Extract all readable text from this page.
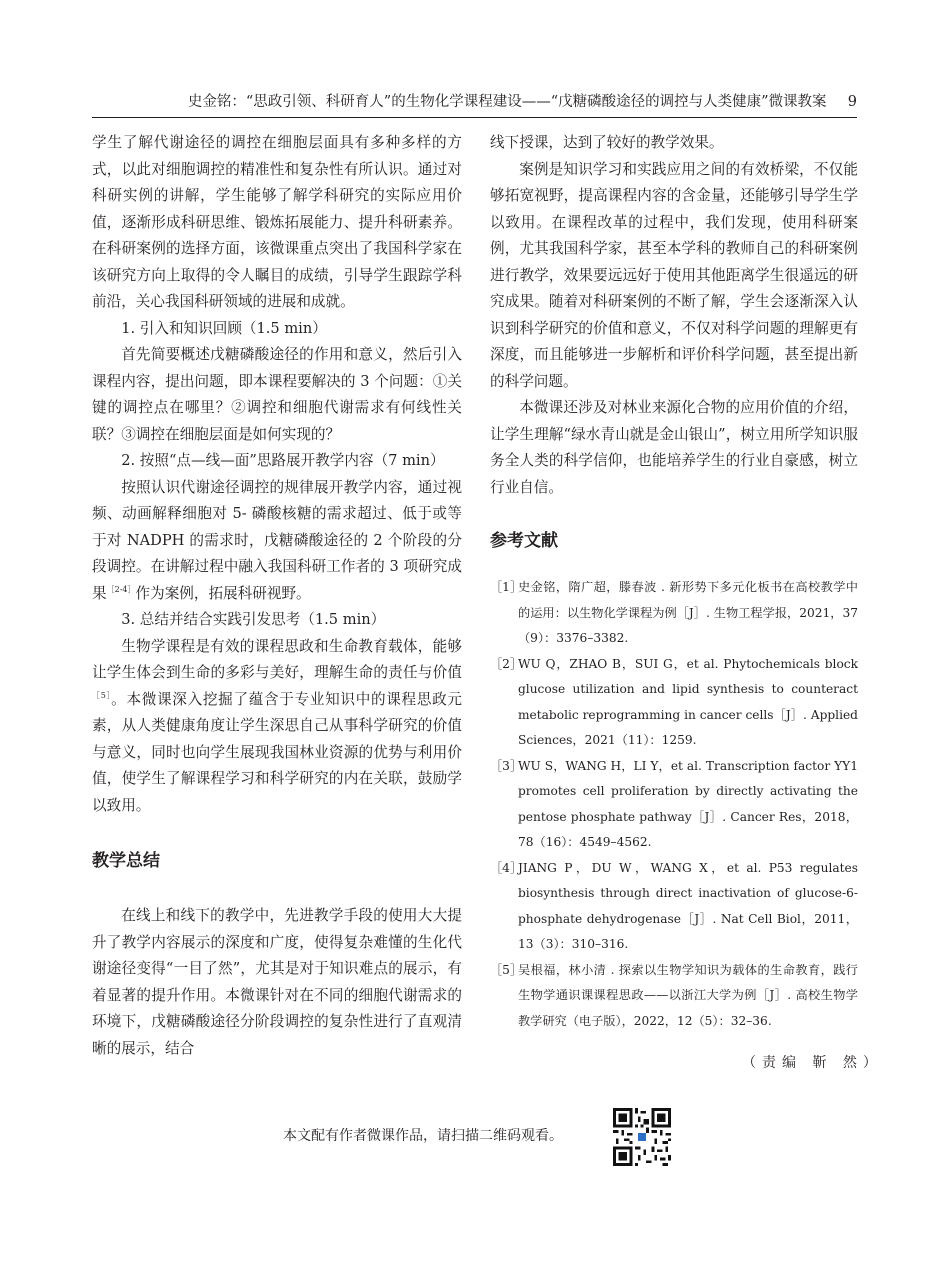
史金铭：“思政引领、科研育人”的生物化学课程建设——“戊糖磷酸途径的调控与人类健康”微课教案 9

学生了解代谢途径的调控在细胞层面具有多种多样的方式，以此对细胞调控的精准性和复杂性有所认识。通过对科研实例的讲解，学生能够了解学科研究的实际应用价值，逐渐形成科研思维、锻炼拓展能力、提升科研素养。在科研案例的选择方面，该微课重点突出了我国科学家在该研究方向上取得的令人瞩目的成绩，引导学生跟踪学科前沿，关心我国科研领域的进展和成就。

1. 引入和知识回顾（1.5 min）

首先简要概述戊糖磷酸途径的作用和意义，然后引入课程内容，提出问题，即本课程要解决的 3 个问题：①关键的调控点在哪里？②调控和细胞代谢需求有何线性关联？③调控在细胞层面是如何实现的？

2. 按照“点—线—面”思路展开教学内容（7 min）

按照认识代谢途径调控的规律展开教学内容，通过视频、动画解释细胞对 5- 磷酸核糖的需求超过、低于或等于对 NADPH 的需求时，戊糖磷酸途径的 2 个阶段的分段调控。在讲解过程中融入我国科研工作者的 3 项研究成果$^{[2-4]}$作为案例，拓展科研视野。

3. 总结并结合实践引发思考（1.5 min）

生物学课程是有效的课程思政和生命教育载体，能够让学生体会到生命的多彩与美好，理解生命的责任与价值$^{[5]}$。本微课深入挖掘了蕴含于专业知识中的课程思政元素，从人类健康角度让学生深思自己从事科学研究的价值与意义，同时也向学生展现我国林业资源的优势与利用价值，使学生了解课程学习和科学研究的内在关联，鼓励学以致用。

教学总结

在线上和线下的教学中，先进教学手段的使用大大提升了教学内容展示的深度和广度，使得复杂难懂的生化代谢途径变得“一目了然”，尤其是对于知识难点的展示，有着显著的提升作用。本微课针对在不同的细胞代谢需求的环境下，戊糖磷酸途径分阶段调控的复杂性进行了直观清晰的展示，结合

线下授课，达到了较好的教学效果。

案例是知识学习和实践应用之间的有效桥梁，不仅能够拓宽视野，提高课程内容的含金量，还能够引导学生学以致用。在课程改革的过程中，我们发现，使用科研案例，尤其我国科学家，甚至本学科的教师自己的科研案例进行教学，效果要远远好于使用其他距离学生很遥远的研究成果。随着对科研案例的不断了解，学生会逐渐深入认识到科学研究的价值和意义，不仅对科学问题的理解更有深度，而且能够进一步解析和评价科学问题，甚至提出新的科学问题。

本微课还涉及对林业来源化合物的应用价值的介绍，让学生理解“绿水青山就是金山银山”，树立用所学知识服务全人类的科学信仰，也能培养学生的行业自豪感，树立行业自信。

参考文献

［1］
史金铭，隋广超，滕春波 . 新形势下多元化板书在高校教学中的运用：以生物化学课程为例［J］. 生物工程学报，2021，37（9）：3376–3382.
［2］
WU Q，ZHAO B，SUI G，et al. Phytochemicals block glucose utilization and lipid synthesis to counteract metabolic reprogramming in cancer cells［J］. Applied Sciences，2021（11）：1259.
［3］
WU S，WANG H，LI Y，et al. Transcription factor YY1 promotes cell proliferation by directly activating the pentose phosphate pathway［J］. Cancer Res，2018，78（16）：4549–4562.
［4］
JIANG P，DU W，WANG X，et al. P53 regulates biosynthesis through direct inactivation of glucose-6-phosphate dehydrogenase［J］. Nat Cell Biol，2011，13（3）：310–316.
［5］
吴根福，林小清 . 探索以生物学知识为载体的生命教育，践行生物学通识课课程思政——以浙江大学为例［J］. 高校生物学教学研究（电子版），2022，12（5）：32–36.
（责编 靳 然）
本文配有作者微课作品，请扫描二维码观看。
